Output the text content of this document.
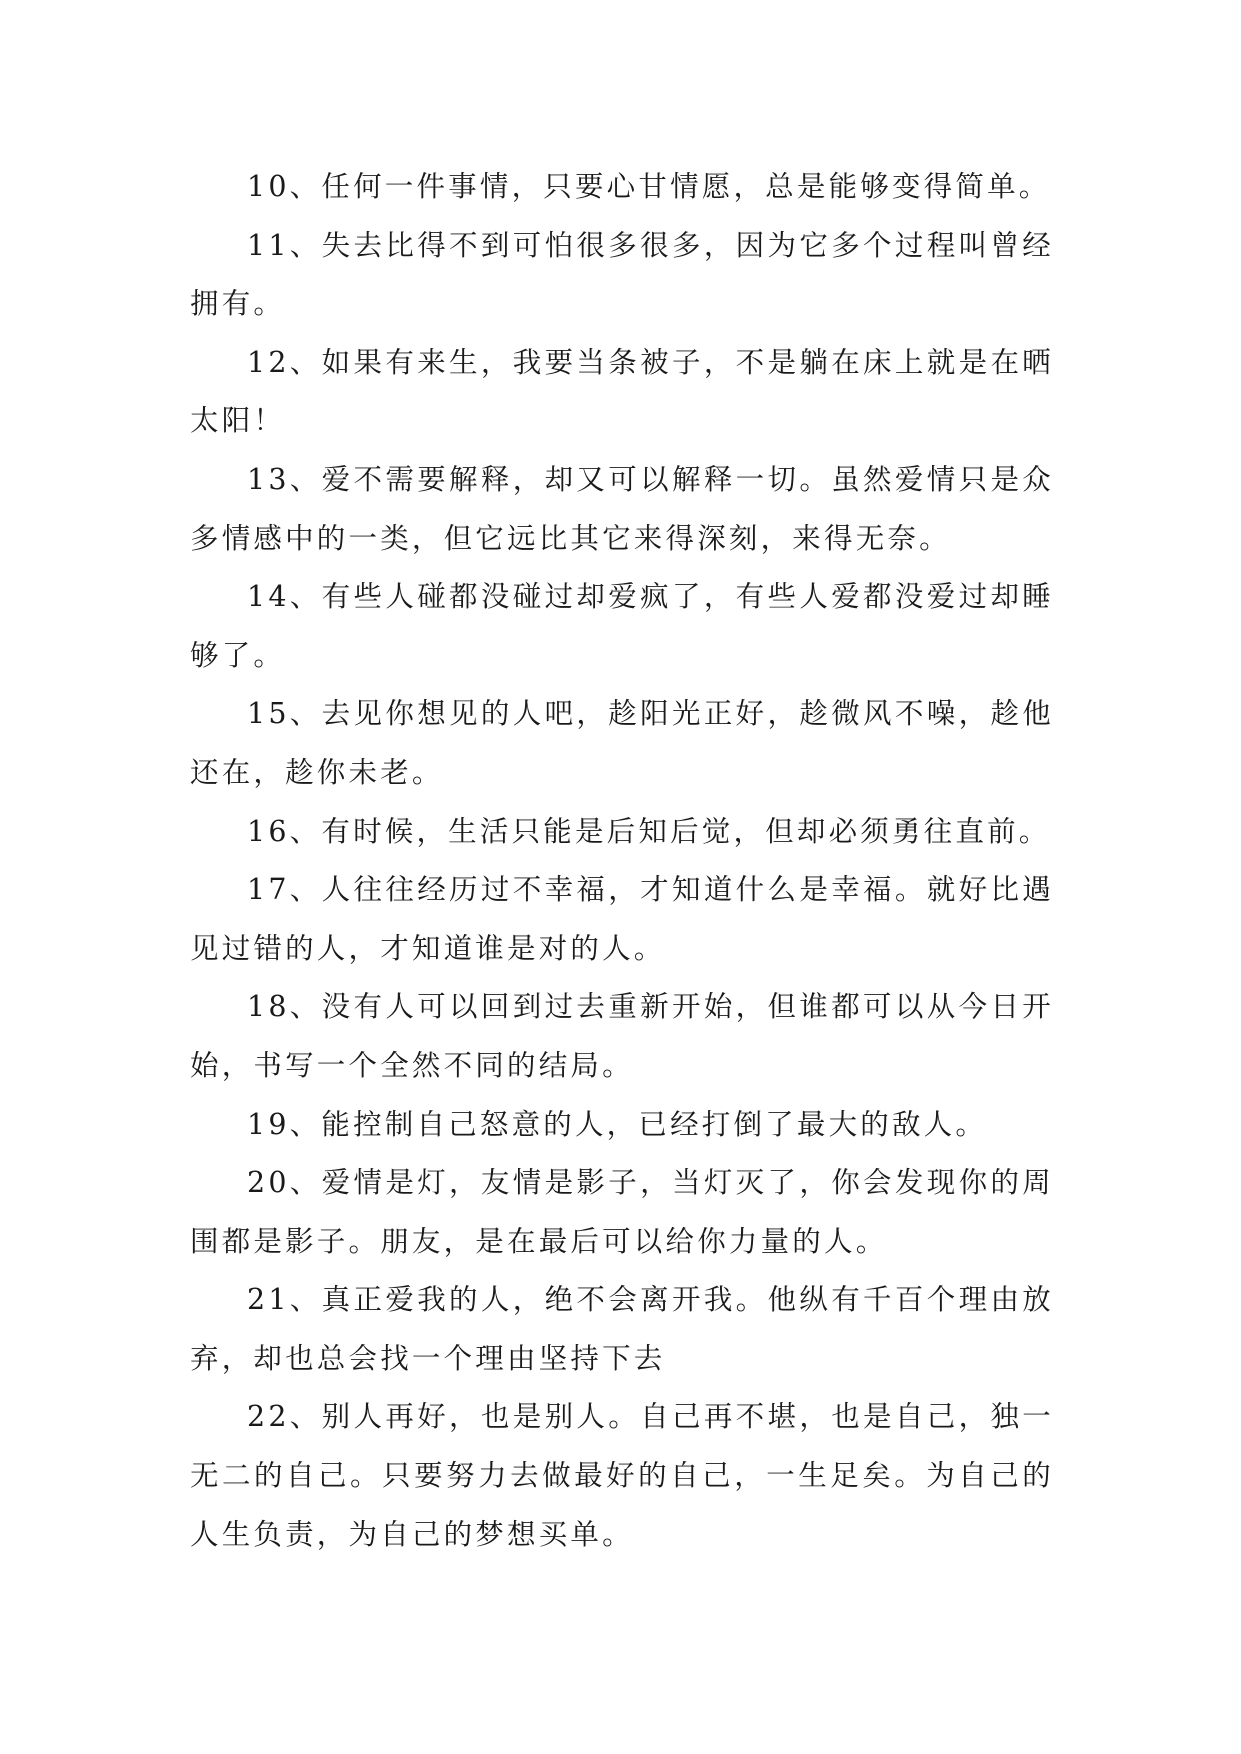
10、任何一件事情，只要心甘情愿，总是能够变得简单。

11、失去比得不到可怕很多很多，因为它多个过程叫曾经拥有。

12、如果有来生，我要当条被子，不是躺在床上就是在晒太阳！

13、爱不需要解释，却又可以解释一切。虽然爱情只是众多情感中的一类，但它远比其它来得深刻，来得无奈。

14、有些人碰都没碰过却爱疯了，有些人爱都没爱过却睡够了。

15、去见你想见的人吧，趁阳光正好，趁微风不噪，趁他还在，趁你未老。

16、有时候，生活只能是后知后觉，但却必须勇往直前。

17、人往往经历过不幸福，才知道什么是幸福。就好比遇见过错的人，才知道谁是对的人。

18、没有人可以回到过去重新开始，但谁都可以从今日开始，书写一个全然不同的结局。

19、能控制自己怒意的人，已经打倒了最大的敌人。

20、爱情是灯，友情是影子，当灯灭了，你会发现你的周围都是影子。朋友，是在最后可以给你力量的人。

21、真正爱我的人，绝不会离开我。他纵有千百个理由放弃，却也总会找一个理由坚持下去

22、别人再好，也是别人。自己再不堪，也是自己，独一无二的自己。只要努力去做最好的自己，一生足矣。为自己的人生负责，为自己的梦想买单。
